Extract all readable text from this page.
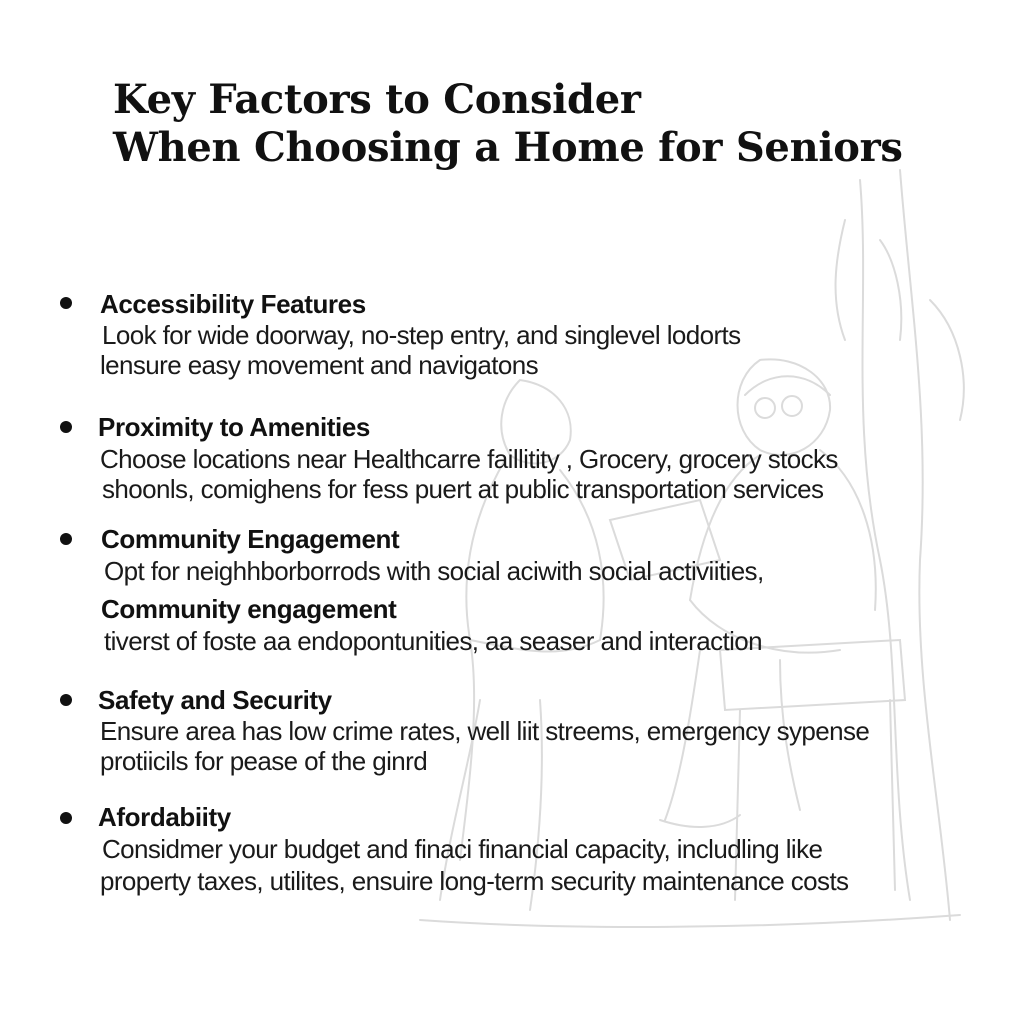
Key Factors to Consider
When Choosing a Home for Seniors
Accessibility Features
Look for wide doorway, no-step entry, and singlevel lodorts
lensure easy movement and navigatons
Proximity to Amenities
Choose locations near Healthcarre faillitity , Grocery, grocery stocks
shoonls, comighens for fess puert at public transportation services
Community Engagement
Opt for neighhborborrods with social aciwith social activiities,
Community engagement
tiverst of foste aa endopontunities, aa seaser and interaction
Safety and Security
Ensure area has low crime rates, well liit streems, emergency sypense
protiicils for pease of the ginrd
Afordabiity
Considmer your budget and finaci financial capacity, includling like
property taxes, utilites, ensuire long-term security maintenance costs
